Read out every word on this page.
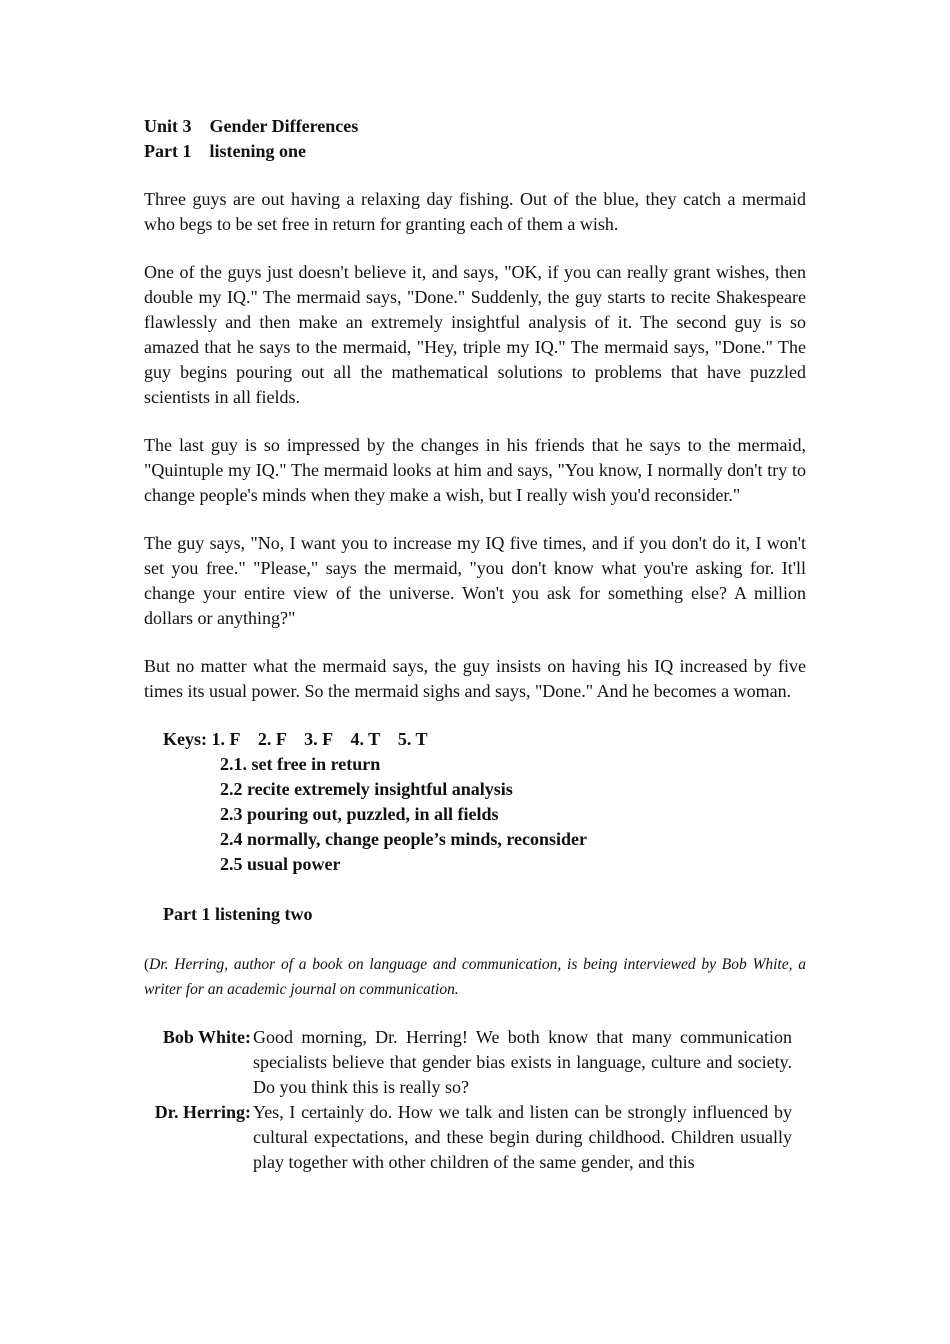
Unit 3    Gender Differences

Part 1    listening one

Three guys are out having a relaxing day fishing. Out of the blue, they catch a mermaid who begs to be set free in return for granting each of them a wish.

One of the guys just doesn't believe it, and says, "OK, if you can really grant wishes, then double my IQ." The mermaid says, "Done." Suddenly, the guy starts to recite Shakespeare flawlessly and then make an extremely insightful analysis of it. The second guy is so amazed that he says to the mermaid, "Hey, triple my IQ." The mermaid says, "Done." The guy begins pouring out all the mathematical solutions to problems that have puzzled scientists in all fields.

The last guy is so impressed by the changes in his friends that he says to the mermaid, "Quintuple my IQ." The mermaid looks at him and says, "You know, I normally don't try to change people's minds when they make a wish, but I really wish you'd reconsider."

The guy says, "No, I want you to increase my IQ five times, and if you don't do it, I won't set you free." "Please," says the mermaid, "you don't know what you're asking for. It'll change your entire view of the universe. Won't you ask for something else? A million dollars or anything?"

But no matter what the mermaid says, the guy insists on having his IQ increased by five times its usual power. So the mermaid sighs and says, "Done." And he becomes a woman.

Keys: 1. F    2. F    3. F    4. T    5. T
2.1. set free in return
2.2 recite extremely insightful analysis
2.3 pouring out, puzzled, in all fields
2.4 normally, change people’s minds, reconsider
2.5 usual power
Part 1 listening two

(Dr. Herring, author of a book on language and communication, is being interviewed by Bob White, a writer for an academic journal on communication.

Bob White: Good morning, Dr. Herring! We both know that many communication specialists believe that gender bias exists in language, culture and society. Do you think this is really so?
Dr. Herring: Yes, I certainly do. How we talk and listen can be strongly influenced by cultural expectations, and these begin during childhood. Children usually play together with other children of the same gender, and this
